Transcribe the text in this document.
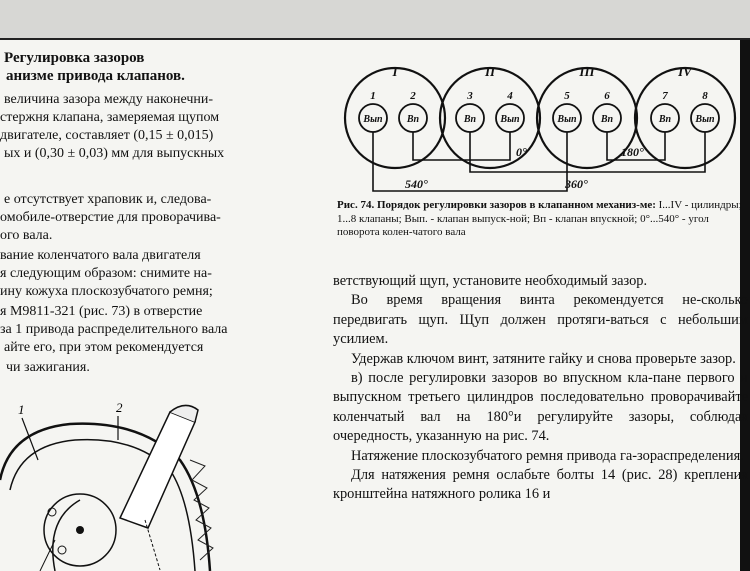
Регулировка зазоров
анизме привода клапанов.
величина зазора между наконечни-
стержня клапана, замеряемая щупом
двигателе, составляет (0,15 ± 0,015)
ых и (0,30 ± 0,03) мм для выпускных
е отсутствует храповик и, следова-
омобиле-отверстие для проворачива-
ого вала.
вание коленчатого вала двигателя
я следующим образом: снимите на-
ину кожуха плоскозубчатого ремня;
я M9811-321 (рис. 73) в отверстие
за 1 привода распределительного вала
айте его, при этом рекомендуется
чи зажигания.
1	2
I	II	III	IV
1	2	3	4	5	6	7	8
Вып Вп	Вп Вып	Вып Вп	Вп Вып
540°
0°
360°
180°
Рис. 74. Порядок регулировки зазоров в клапанном механиз-ме: I...IV - цилиндры; 1...8 клапаны; Вып. - клапан выпуск-ной; Вп - клапан впускной; 0°...540° - угол поворота колен-чатого вала

ветствующий щуп, установите необходимый зазор.

Во время вращения винта рекомендуется не-сколько передвигать щуп. Щуп должен протяги-ваться с небольшим усилием.

Удержав ключом винт, затяните гайку и снова проверьте зазор.

в) после регулировки зазоров во впускном кла-пане первого и выпускном третьего цилиндров последовательно проворачивайте коленчатый вал на 180°и регулируйте зазоры, соблюдая очередность, указанную на рис. 74.

Натяжение плоскозубчатого ремня привода га-зораспределения.

Для натяжения ремня ослабьте болты 14 (рис. 28) крепления кронштейна натяжного ролика 16 и
